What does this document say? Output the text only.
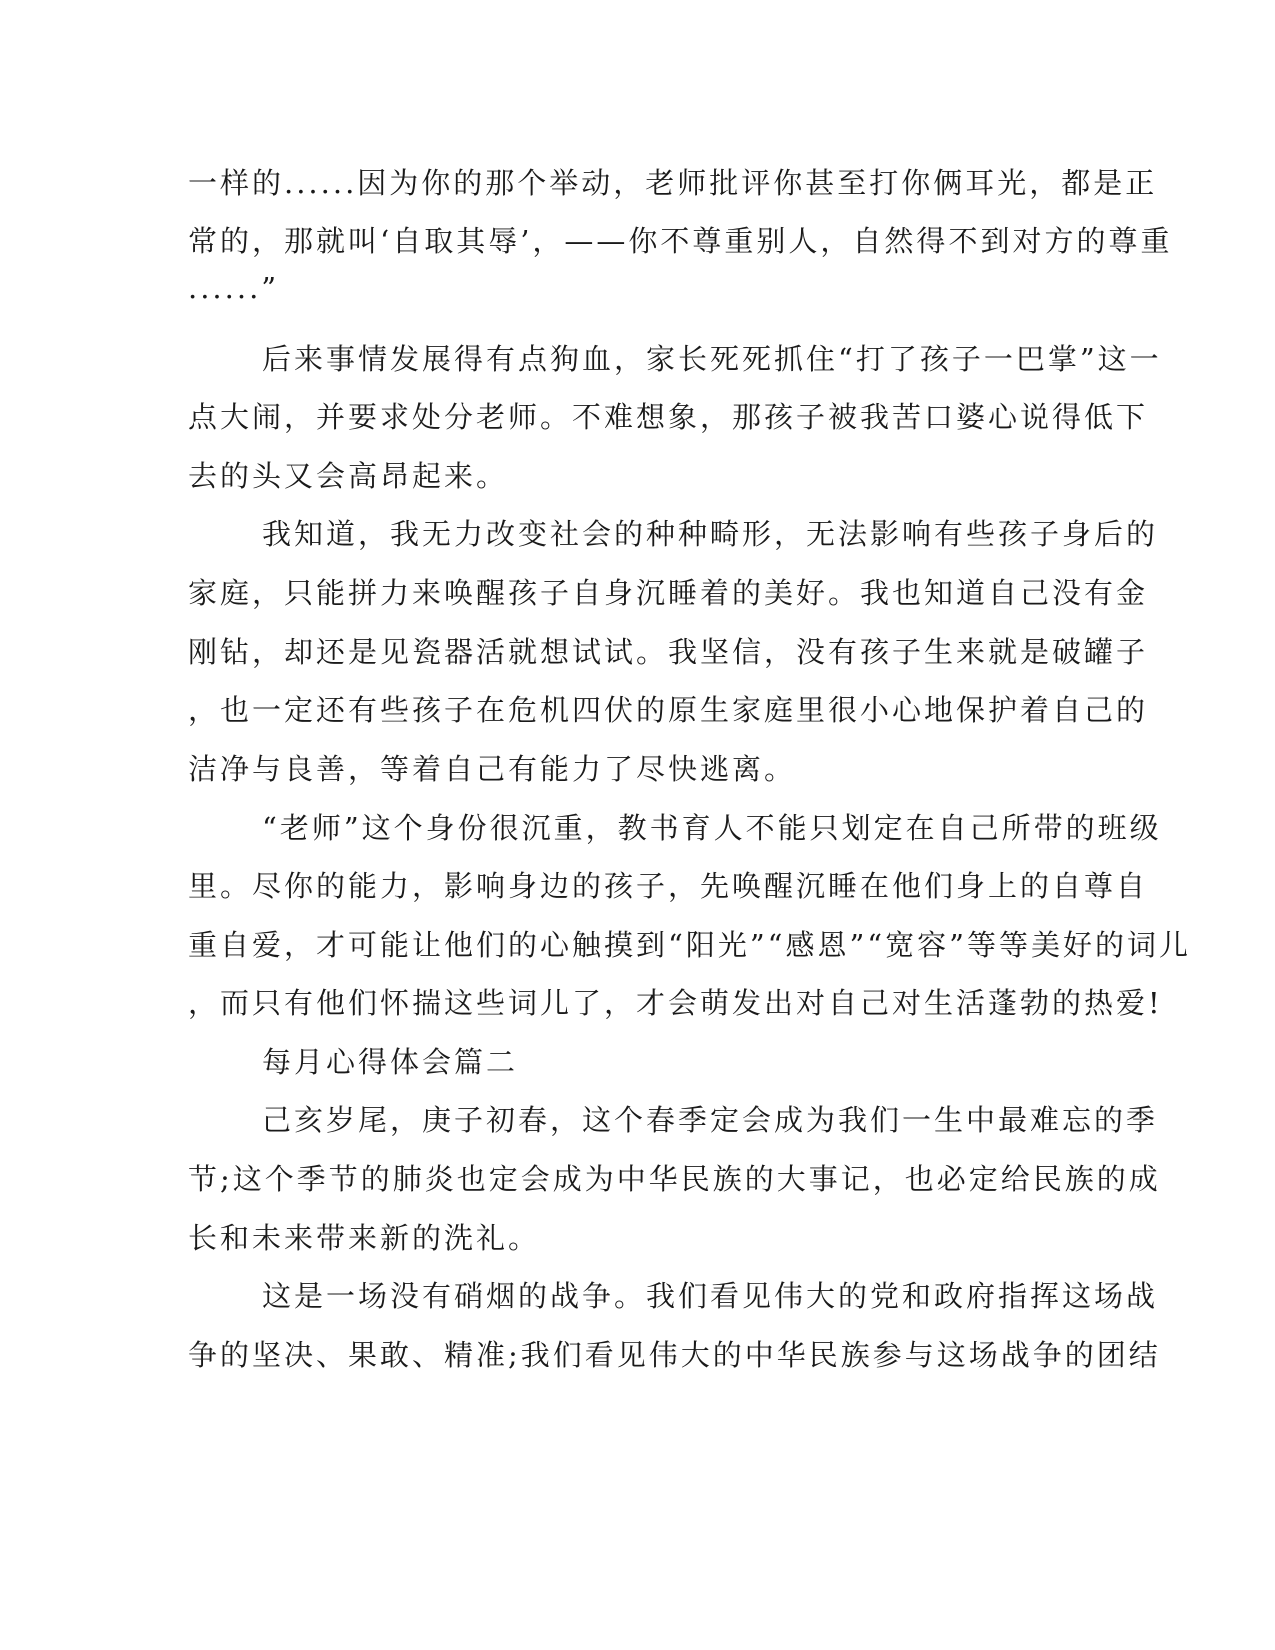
一样的......因为你的那个举动，老师批评你甚至打你俩耳光，都是正
常的，那就叫‘自取其辱’，——你不尊重别人，自然得不到对方的尊重
......”
后来事情发展得有点狗血，家长死死抓住“打了孩子一巴掌”这一
点大闹，并要求处分老师。不难想象，那孩子被我苦口婆心说得低下
去的头又会高昂起来。
我知道，我无力改变社会的种种畸形，无法影响有些孩子身后的
家庭，只能拼力来唤醒孩子自身沉睡着的美好。我也知道自己没有金
刚钻，却还是见瓷器活就想试试。我坚信，没有孩子生来就是破罐子
，也一定还有些孩子在危机四伏的原生家庭里很小心地保护着自己的
洁净与良善，等着自己有能力了尽快逃离。
“老师”这个身份很沉重，教书育人不能只划定在自己所带的班级
里。尽你的能力，影响身边的孩子，先唤醒沉睡在他们身上的自尊自
重自爱，才可能让他们的心触摸到“阳光”“感恩”“宽容”等等美好的词儿
，而只有他们怀揣这些词儿了，才会萌发出对自己对生活蓬勃的热爱!
每月心得体会篇二
己亥岁尾，庚子初春，这个春季定会成为我们一生中最难忘的季
节;这个季节的肺炎也定会成为中华民族的大事记，也必定给民族的成
长和未来带来新的洗礼。
这是一场没有硝烟的战争。我们看见伟大的党和政府指挥这场战
争的坚决、果敢、精准;我们看见伟大的中华民族参与这场战争的团结
